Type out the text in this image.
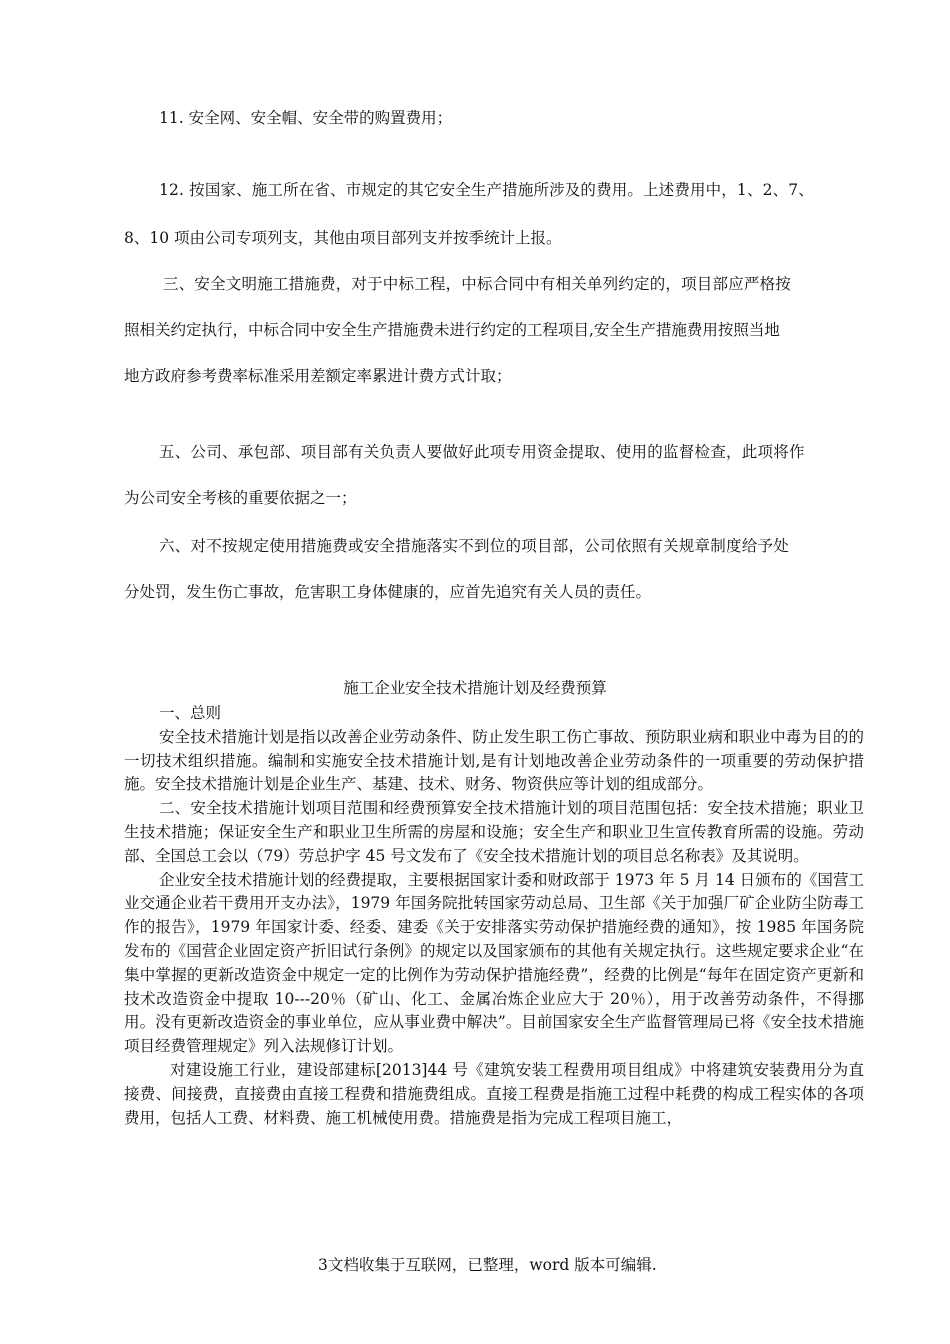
11. 安全网、安全帽、安全带的购置费用；
12. 按国家、施工所在省、市规定的其它安全生产措施所涉及的费用。上述费用中，1、2、7、
8、10 项由公司专项列支，其他由项目部列支并按季统计上报。
三、安全文明施工措施费，对于中标工程，中标合同中有相关单列约定的，项目部应严格按
照相关约定执行，中标合同中安全生产措施费未进行约定的工程项目,安全生产措施费用按照当地
地方政府参考费率标准采用差额定率累进计费方式计取；
五、公司、承包部、项目部有关负责人要做好此项专用资金提取、使用的监督检查，此项将作
为公司安全考核的重要依据之一；
六、对不按规定使用措施费或安全措施落实不到位的项目部，公司依照有关规章制度给予处
分处罚，发生伤亡事故，危害职工身体健康的，应首先追究有关人员的责任。
施工企业安全技术措施计划及经费预算

一、总则

安全技术措施计划是指以改善企业劳动条件、防止发生职工伤亡事故、预防职业病和职业中毒为目的的一切技术组织措施。编制和实施安全技术措施计划,是有计划地改善企业劳动条件的一项重要的劳动保护措施。安全技术措施计划是企业生产、基建、技术、财务、物资供应等计划的组成部分。

二、安全技术措施计划项目范围和经费预算安全技术措施计划的项目范围包括：安全技术措施；职业卫生技术措施；保证安全生产和职业卫生所需的房屋和设施；安全生产和职业卫生宣传教育所需的设施。劳动部、全国总工会以（79）劳总护字 45 号文发布了《安全技术措施计划的项目总名称表》及其说明。

企业安全技术措施计划的经费提取，主要根据国家计委和财政部于 1973 年 5 月 14 日颁布的《国营工业交通企业若干费用开支办法》，1979 年国务院批转国家劳动总局、卫生部《关于加强厂矿企业防尘防毒工作的报告》，1979 年国家计委、经委、建委《关于安排落实劳动保护措施经费的通知》，按 1985 年国务院发布的《国营企业固定资产折旧试行条例》的规定以及国家颁布的其他有关规定执行。这些规定要求企业“在集中掌握的更新改造资金中规定一定的比例作为劳动保护措施经费”，经费的比例是“每年在固定资产更新和技术改造资金中提取 10---20％（矿山、化工、金属冶炼企业应大于 20％），用于改善劳动条件，不得挪用。没有更新改造资金的事业单位，应从事业费中解决”。目前国家安全生产监督管理局已将《安全技术措施项目经费管理规定》列入法规修订计划。

对建设施工行业，建设部建标[2013]44 号《建筑安装工程费用项目组成》中将建筑安装费用分为直接费、间接费，直接费由直接工程费和措施费组成。直接工程费是指施工过程中耗费的构成工程实体的各项费用，包括人工费、材料费、施工机械使用费。措施费是指为完成工程项目施工，

3文档收集于互联网，已整理，word 版本可编辑.
